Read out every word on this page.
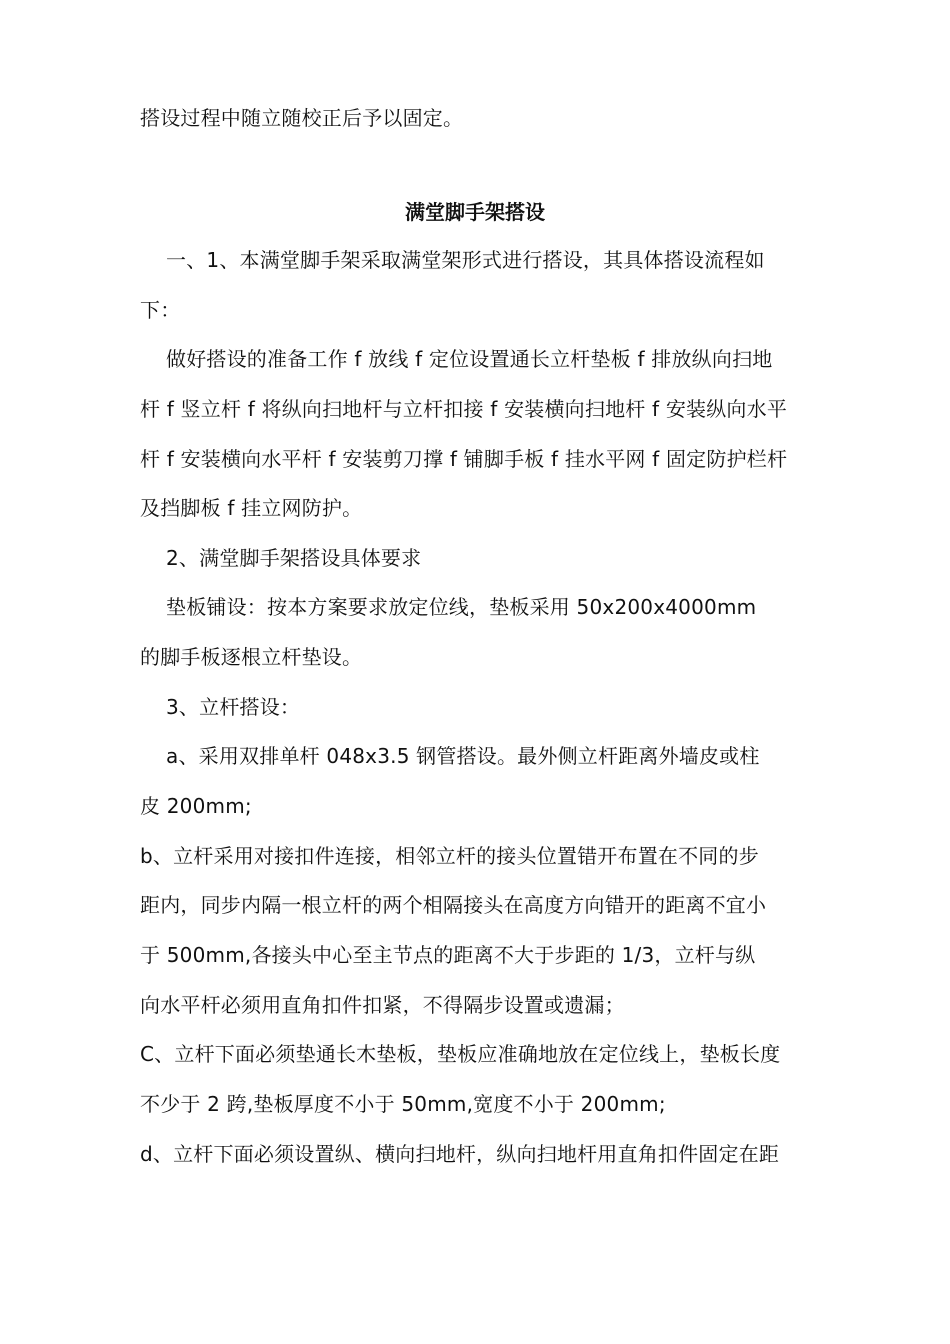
搭设过程中随立随校正后予以固定。
满堂脚手架搭设
一、1、本满堂脚手架采取满堂架形式进行搭设，其具体搭设流程如
下：
做好搭设的准备工作 f 放线 f 定位设置通长立杆垫板 f 排放纵向扫地
杆 f 竖立杆 f 将纵向扫地杆与立杆扣接 f 安装横向扫地杆 f 安装纵向水平
杆 f 安装横向水平杆 f 安装剪刀撑 f 铺脚手板 f 挂水平网 f 固定防护栏杆
及挡脚板 f 挂立网防护。
2、满堂脚手架搭设具体要求
垫板铺设：按本方案要求放定位线，垫板采用 50x200x4000mm
的脚手板逐根立杆垫设。
3、立杆搭设：
a、采用双排单杆 048x3.5 钢管搭设。最外侧立杆距离外墙皮或柱
皮 200mm;
b、立杆采用对接扣件连接，相邻立杆的接头位置错开布置在不同的步
距内，同步内隔一根立杆的两个相隔接头在高度方向错开的距离不宜小
于 500mm,各接头中心至主节点的距离不大于步距的 1/3，立杆与纵
向水平杆必须用直角扣件扣紧，不得隔步设置或遗漏；
C、立杆下面必须垫通长木垫板，垫板应准确地放在定位线上，垫板长度
不少于 2 跨,垫板厚度不小于 50mm,宽度不小于 200mm;
d、立杆下面必须设置纵、横向扫地杆，纵向扫地杆用直角扣件固定在距
